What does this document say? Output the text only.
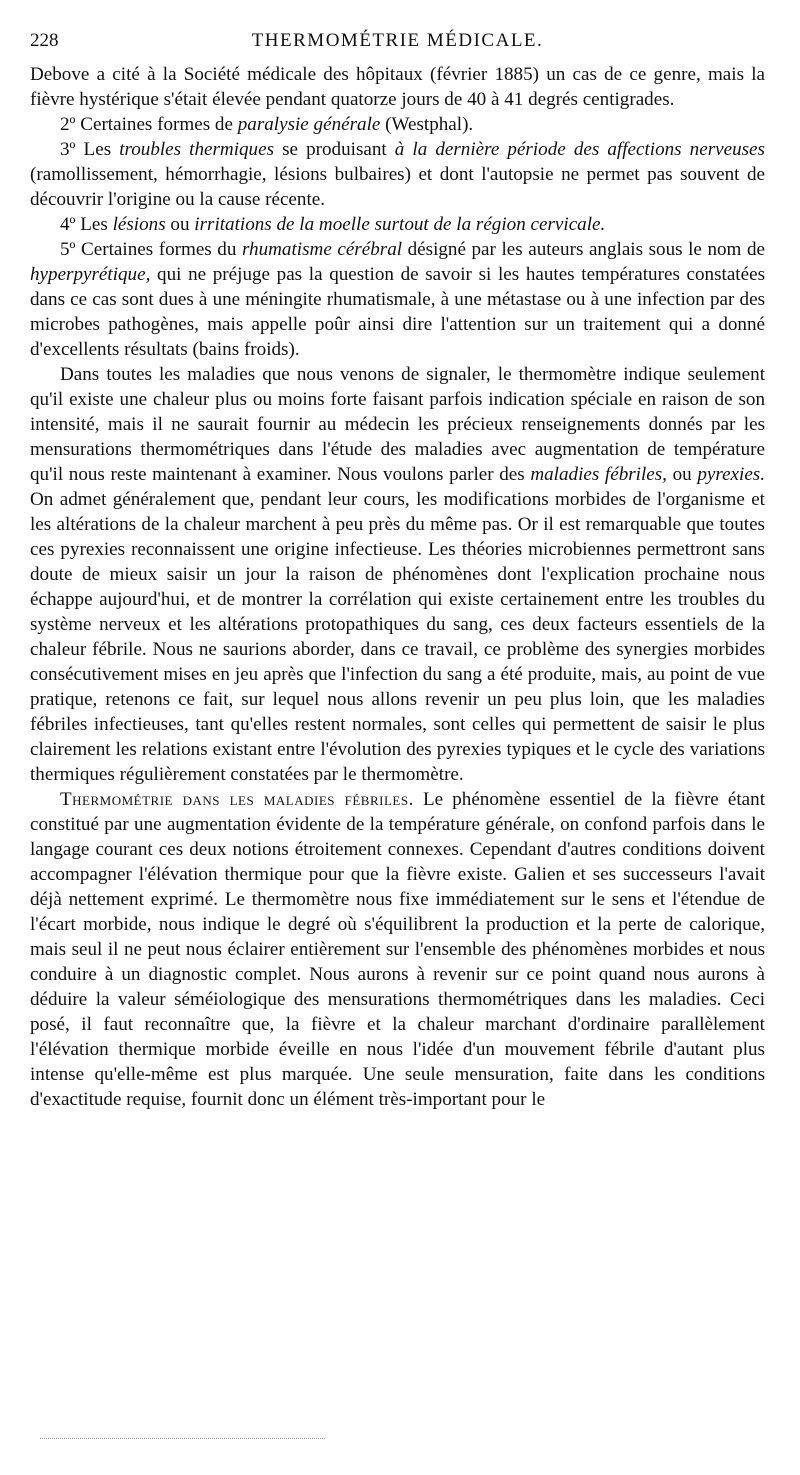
228	THERMOMÉTRIE MÉDICALE.

Debove a cité à la Société médicale des hôpitaux (février 1885) un cas de ce genre, mais la fièvre hystérique s'était élevée pendant quatorze jours de 40 à 41 degrés centigrades.

2º Certaines formes de paralysie générale (Westphal).

3º Les troubles thermiques se produisant à la dernière période des affections nerveuses (ramollissement, hémorrhagie, lésions bulbaires) et dont l'autopsie ne permet pas souvent de découvrir l'origine ou la cause récente.

4º Les lésions ou irritations de la moelle surtout de la région cervicale.

5º Certaines formes du rhumatisme cérébral désigné par les auteurs anglais sous le nom de hyperpyrétique, qui ne préjuge pas la question de savoir si les hautes températures constatées dans ce cas sont dues à une méningite rhumatismale, à une métastase ou à une infection par des microbes pathogènes, mais appelle poûr ainsi dire l'attention sur un traitement qui a donné d'excellents résultats (bains froids).

Dans toutes les maladies que nous venons de signaler, le thermomètre indique seulement qu'il existe une chaleur plus ou moins forte faisant parfois indication spéciale en raison de son intensité, mais il ne saurait fournir au médecin les précieux renseignements donnés par les mensurations thermométriques dans l'étude des maladies avec augmentation de température qu'il nous reste maintenant à examiner. Nous voulons parler des maladies fébriles, ou pyrexies. On admet généralement que, pendant leur cours, les modifications morbides de l'organisme et les altérations de la chaleur marchent à peu près du même pas. Or il est remarquable que toutes ces pyrexies reconnaissent une origine infectieuse. Les théories microbiennes permettront sans doute de mieux saisir un jour la raison de phénomènes dont l'explication prochaine nous échappe aujourd'hui, et de montrer la corrélation qui existe certainement entre les troubles du système nerveux et les altérations protopathiques du sang, ces deux facteurs essentiels de la chaleur fébrile. Nous ne saurions aborder, dans ce travail, ce problème des synergies morbides consécutivement mises en jeu après que l'infection du sang a été produite, mais, au point de vue pratique, retenons ce fait, sur lequel nous allons revenir un peu plus loin, que les maladies fébriles infectieuses, tant qu'elles restent normales, sont celles qui permettent de saisir le plus clairement les relations existant entre l'évolution des pyrexies typiques et le cycle des variations thermiques régulièrement constatées par le thermomètre.

Thermométrie dans les maladies fébriles. Le phénomène essentiel de la fièvre étant constitué par une augmentation évidente de la température générale, on confond parfois dans le langage courant ces deux notions étroitement connexes. Cependant d'autres conditions doivent accompagner l'élévation thermique pour que la fièvre existe. Galien et ses successeurs l'avait déjà nettement exprimé. Le thermomètre nous fixe immédiatement sur le sens et l'étendue de l'écart morbide, nous indique le degré où s'équilibrent la production et la perte de calorique, mais seul il ne peut nous éclairer entièrement sur l'ensemble des phénomènes morbides et nous conduire à un diagnostic complet. Nous aurons à revenir sur ce point quand nous aurons à déduire la valeur séméiologique des mensurations thermométriques dans les maladies. Ceci posé, il faut reconnaître que, la fièvre et la chaleur marchant d'ordinaire parallèlement l'élévation thermique morbide éveille en nous l'idée d'un mouvement fébrile d'autant plus intense qu'elle-même est plus marquée. Une seule mensuration, faite dans les conditions d'exactitude requise, fournit donc un élément très-important pour le
